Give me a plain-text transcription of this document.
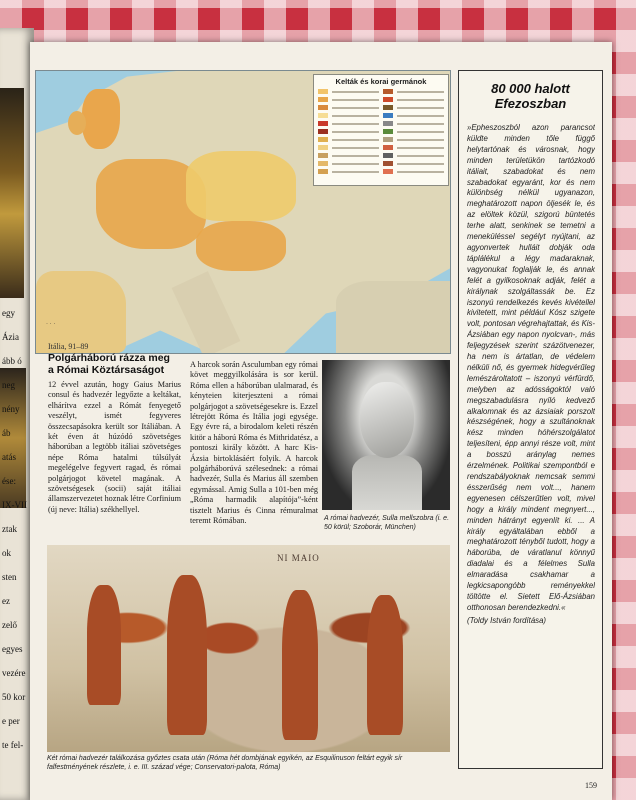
egy
Ázia
ább ó
neg
nény
áb
atás
ése:
IX-VII
ztak
ok
sten
ez
zelő
egyes
vezére
50 kor
e per
te fel-
· · ·
Kelták és korai germánok	80 000 halott Efezoszban
»Epheszoszból azon parancsot küldte minden tőle függő helytartónak és városnak, hogy minden területükön tartózkodó itáliait, szabadokat és nem szabadokat egyaránt, kor és nem különbség nélkül ugyanazon, meghatározott napon öljesék le, és az elöltek közül, szigorú büntetés terhe alatt, senkinek se temetni a meneküléssel segélyt nyújtani, az agyonvertek hulláit dobják oda táplálékul a légy madaraknak, vagyonukat foglalják le, és annak felét a gyilkosoknak adják, felét a királynak szolgáltassák be. Ez iszonyú rendelkezés kevés kivétellel kivitetett, mint például Kósz szigete volt, pontosan végrehajtattak, és Kis-Ázsiában egy napon nyolcvan-, más feljegyzések szerint százötvenezer, ha nem is ártatlan, de védelem nélküli nő, és gyermek hidegvérűleg lemészároltatott – iszonyú vérfürdő, melyben az adósságoktól való megszabadulásra nyíló kedvező alkalomnak és az ázsiaiak porszolt készségének, hogy a szultánoknak kész minden hóhérszolgálatot teljesíteni, épp annyi része volt, mint a bosszú aránylag nemes érzelmének. Politikai szempontból e rendszabályoknak nemcsak semmi ésszerűség nem volt..., hanem egyenesen célszerűtlen volt, mivel hogy a király mindent megnyert..., minden hátrányt egyenlít ki. ... A király egyáltalában ebből a meghatározott tényből tudott, hogy a háborúba, de váratlanul könnyű diadalai és a félelmes Sulla elmaradása csakhamar a legkicsapongóbb reményekkel töltötte el. Sietett Elő-Ázsiában otthonosan berendezkedni.«
(Toldy István fordítása)
Itália, 91–89
Polgárháború rázza meg a Római Köztársaságot
12 évvel azután, hogy Gaius Marius consul és hadvezér legyőzte a keltákat, elhárítva ezzel a Rómát fenyegető veszélyt, ismét fegyveres összecsapásokra került sor Itáliában. A két éven át húzódó szövetséges háborúban a legtöbb itáliai szövetséges népe Róma hatalmi túlsúlyát megelégelve fegyvert ragad, és római polgárjogot követel magának. A szövetségesek (socii) saját itáliai államszervezetet hoznak létre Corfinium (új neve: Itália) székhellyel.
A harcok során Asculumban egy római követ meggyilkolására is sor kerül. Róma ellen a háborúban ulalmarad, és kényteien kiterjeszteni a római polgárjogot a szövetségesekre is. Ezzel létrejött Róma és Itália jogi egysége. Egy évre rá, a birodalom keleti részén kitör a háború Róma és Mithridatész, a pontoszi király között. A harc Kis-Ázsia birtoklásáért folyik. A harcok polgárháborúvá szélesednek: a római hadvezér, Sulla és Marius áll szemben egymással. Amig Sulla a 101-ben még „Róma harmadik alapítója”-ként tisztelt Marius és Cinna rémuralmat teremt Rómában.	A római hadvezér, Sulla mellszobra (i. e. 50 körül; Szoborár, München)
NI MAIO
Két római hadvezér találkozása győztes csata után (Róma hét dombjának egyikén, az Esquilinuson feltárt egyik sír falfestményének részlete, i. e. III. század vége; Conservatori-palota, Róma)
159
